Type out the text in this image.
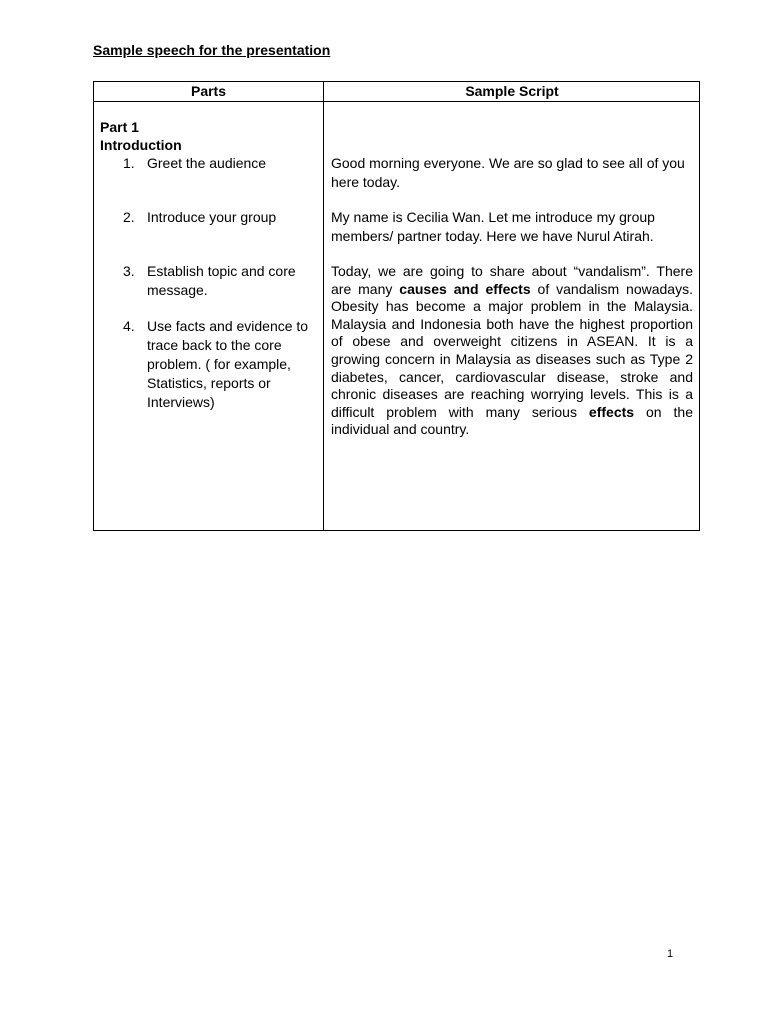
Sample speech for the presentation
Parts	Sample Script
Part 1
Introduction
1. Greet the audience
2. Introduce your group
3. Establish topic and core message.
4. Use facts and evidence to trace back to the core problem. ( for example, Statistics, reports or Interviews)
Good morning everyone. We are so glad to see all of you here today.
My name is Cecilia Wan. Let me introduce my group members/ partner today. Here we have Nurul Atirah.
Today, we are going to share about “vandalism”. There are many causes and effects of vandalism nowadays. Obesity has become a major problem in the Malaysia. Malaysia and Indonesia both have the highest proportion of obese and overweight citizens in ASEAN. It is a growing concern in Malaysia as diseases such as Type 2 diabetes, cancer, cardiovascular disease, stroke and chronic diseases are reaching worrying levels. This is a difficult problem with many serious effects on the individual and country.
1
